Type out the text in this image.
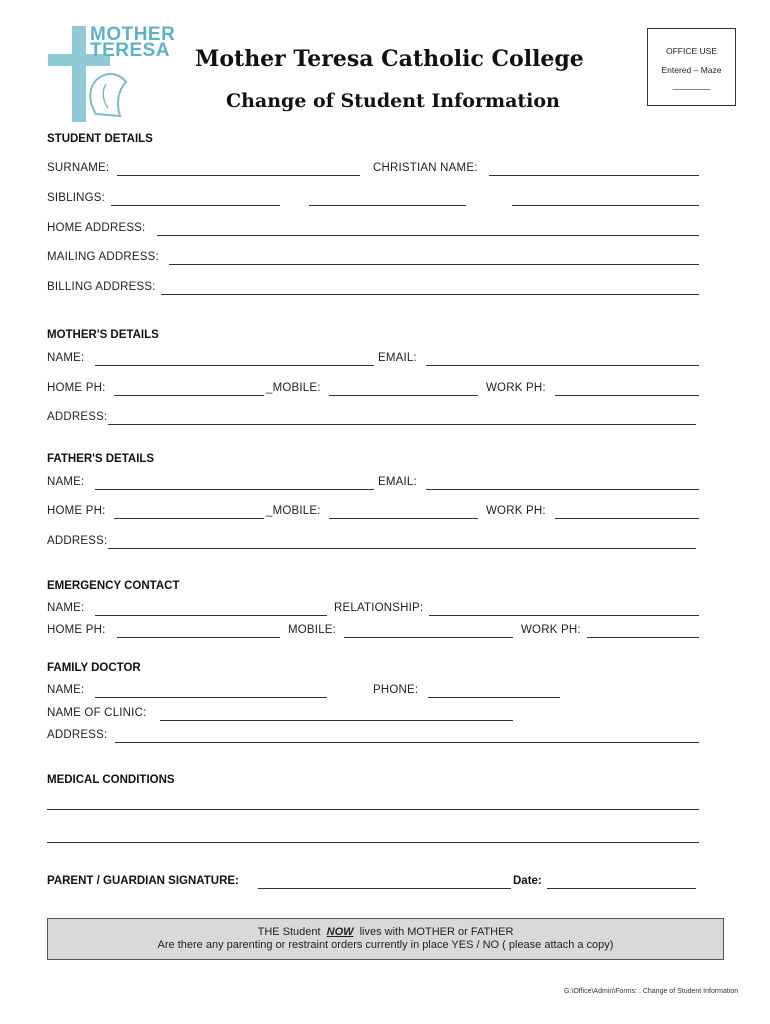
MOTHER
TERESA Mother Teresa Catholic College
Change of Student Information
OFFICE USE
Entered – Maze
________
STUDENT DETAILS
SURNAME:	CHRISTIAN NAME:
SIBLINGS:
HOME ADDRESS:
MAILING ADDRESS:
BILLING ADDRESS:
MOTHER'S DETAILS
NAME:	EMAIL:
HOME PH:	_MOBILE:	WORK PH:
ADDRESS:
FATHER'S DETAILS
NAME:	EMAIL:
HOME PH:	_MOBILE:	WORK PH:
ADDRESS:
EMERGENCY CONTACT
NAME:	RELATIONSHIP:
HOME PH:	MOBILE:	WORK PH:
FAMILY DOCTOR
NAME:	PHONE:
NAME OF CLINIC:
ADDRESS:
MEDICAL CONDITIONS
PARENT / GUARDIAN SIGNATURE:	Date:
THE Student NOW lives with MOTHER or FATHER
Are there any parenting or restraint orders currently in place YES / NO ( please attach a copy)
G:\Office\Admin\Forms: : Change of Student Information
